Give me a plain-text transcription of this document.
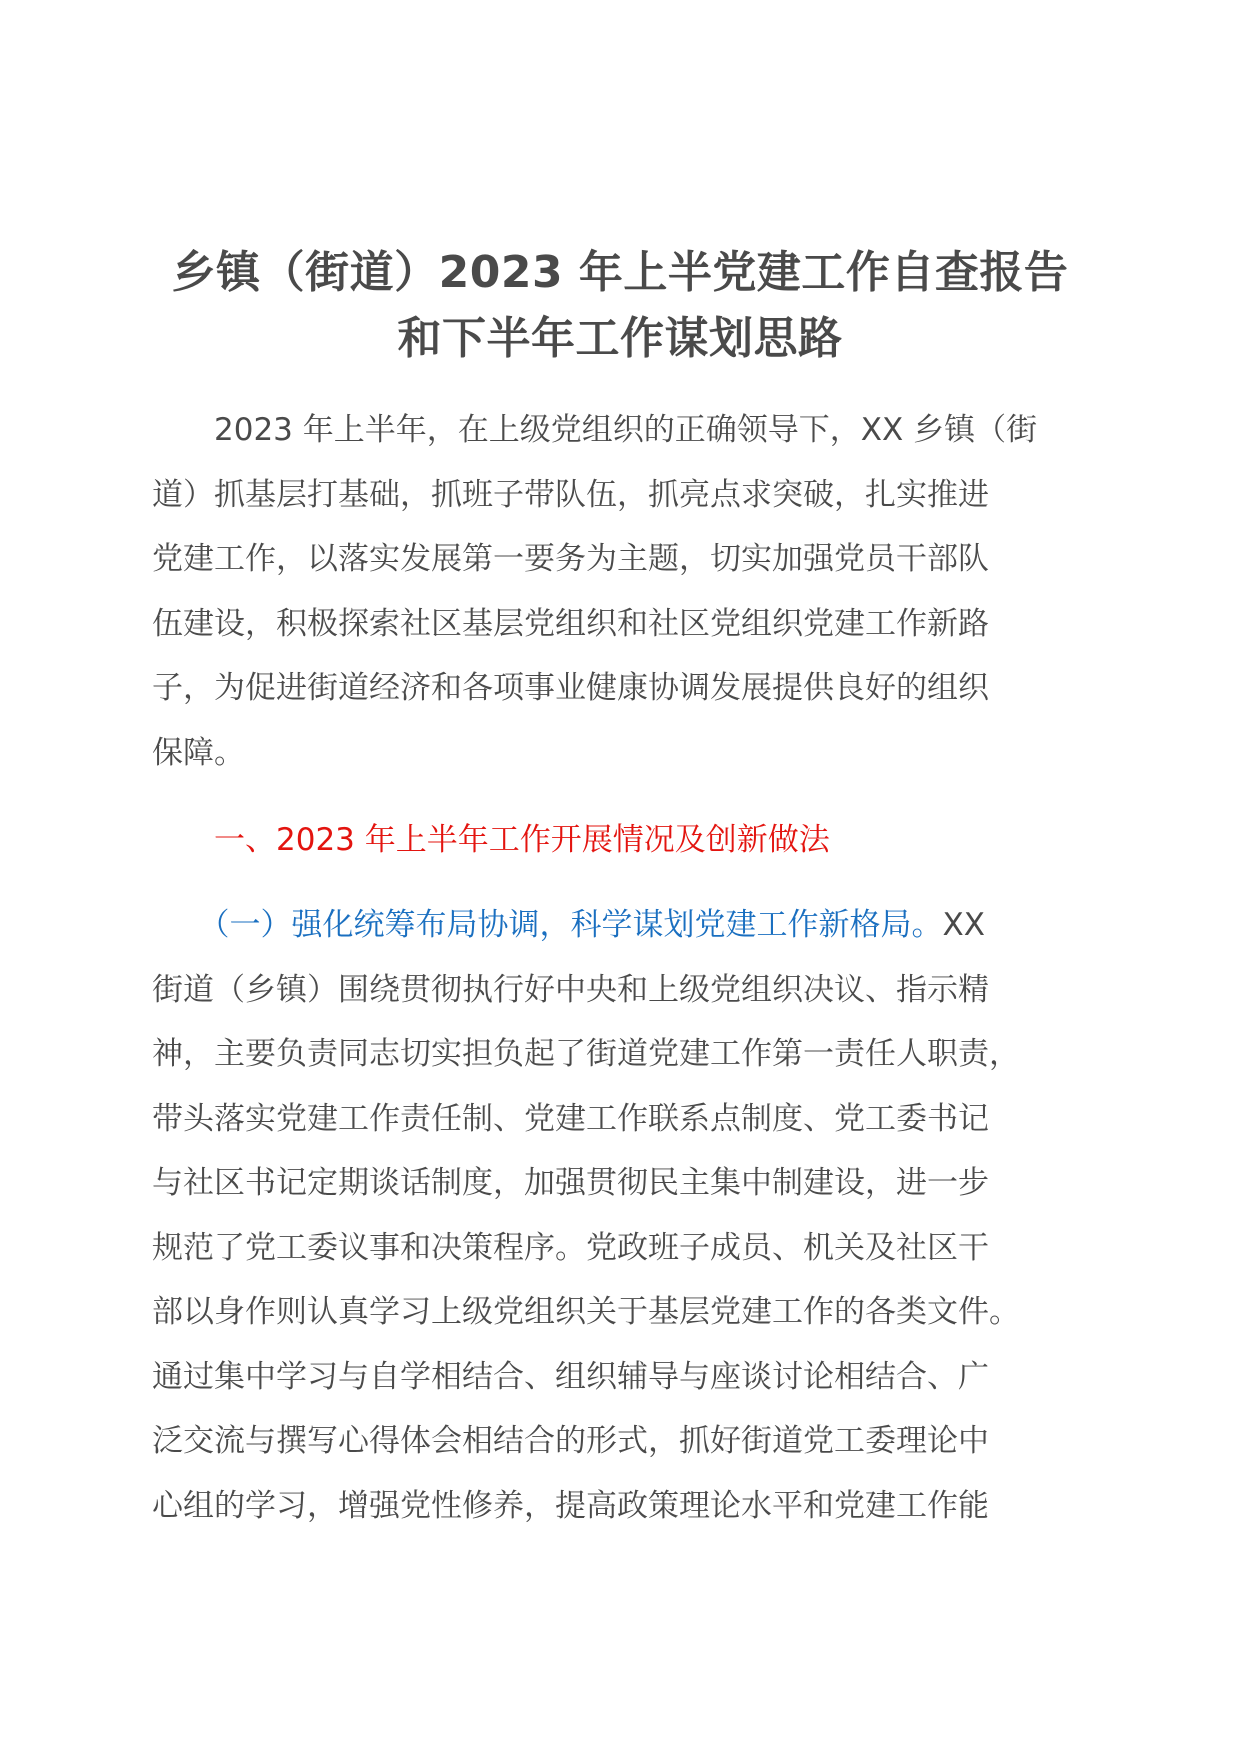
乡镇（街道）2023 年上半党建工作自查报告
和下半年工作谋划思路
　　2023 年上半年，在上级党组织的正确领导下，XX 乡镇（街
道）抓基层打基础，抓班子带队伍，抓亮点求突破，扎实推进
党建工作，以落实发展第一要务为主题，切实加强党员干部队
伍建设，积极探索社区基层党组织和社区党组织党建工作新路
子，为促进街道经济和各项事业健康协调发展提供良好的组织
保障。
　　一、2023 年上半年工作开展情况及创新做法
　　（一）强化统筹布局协调，科学谋划党建工作新格局。XX
街道（乡镇）围绕贯彻执行好中央和上级党组织决议、指示精
神，主要负责同志切实担负起了街道党建工作第一责任人职责，
带头落实党建工作责任制、党建工作联系点制度、党工委书记
与社区书记定期谈话制度，加强贯彻民主集中制建设，进一步
规范了党工委议事和决策程序。党政班子成员、机关及社区干
部以身作则认真学习上级党组织关于基层党建工作的各类文件。
通过集中学习与自学相结合、组织辅导与座谈讨论相结合、广
泛交流与撰写心得体会相结合的形式，抓好街道党工委理论中
心组的学习，增强党性修养，提高政策理论水平和党建工作能
